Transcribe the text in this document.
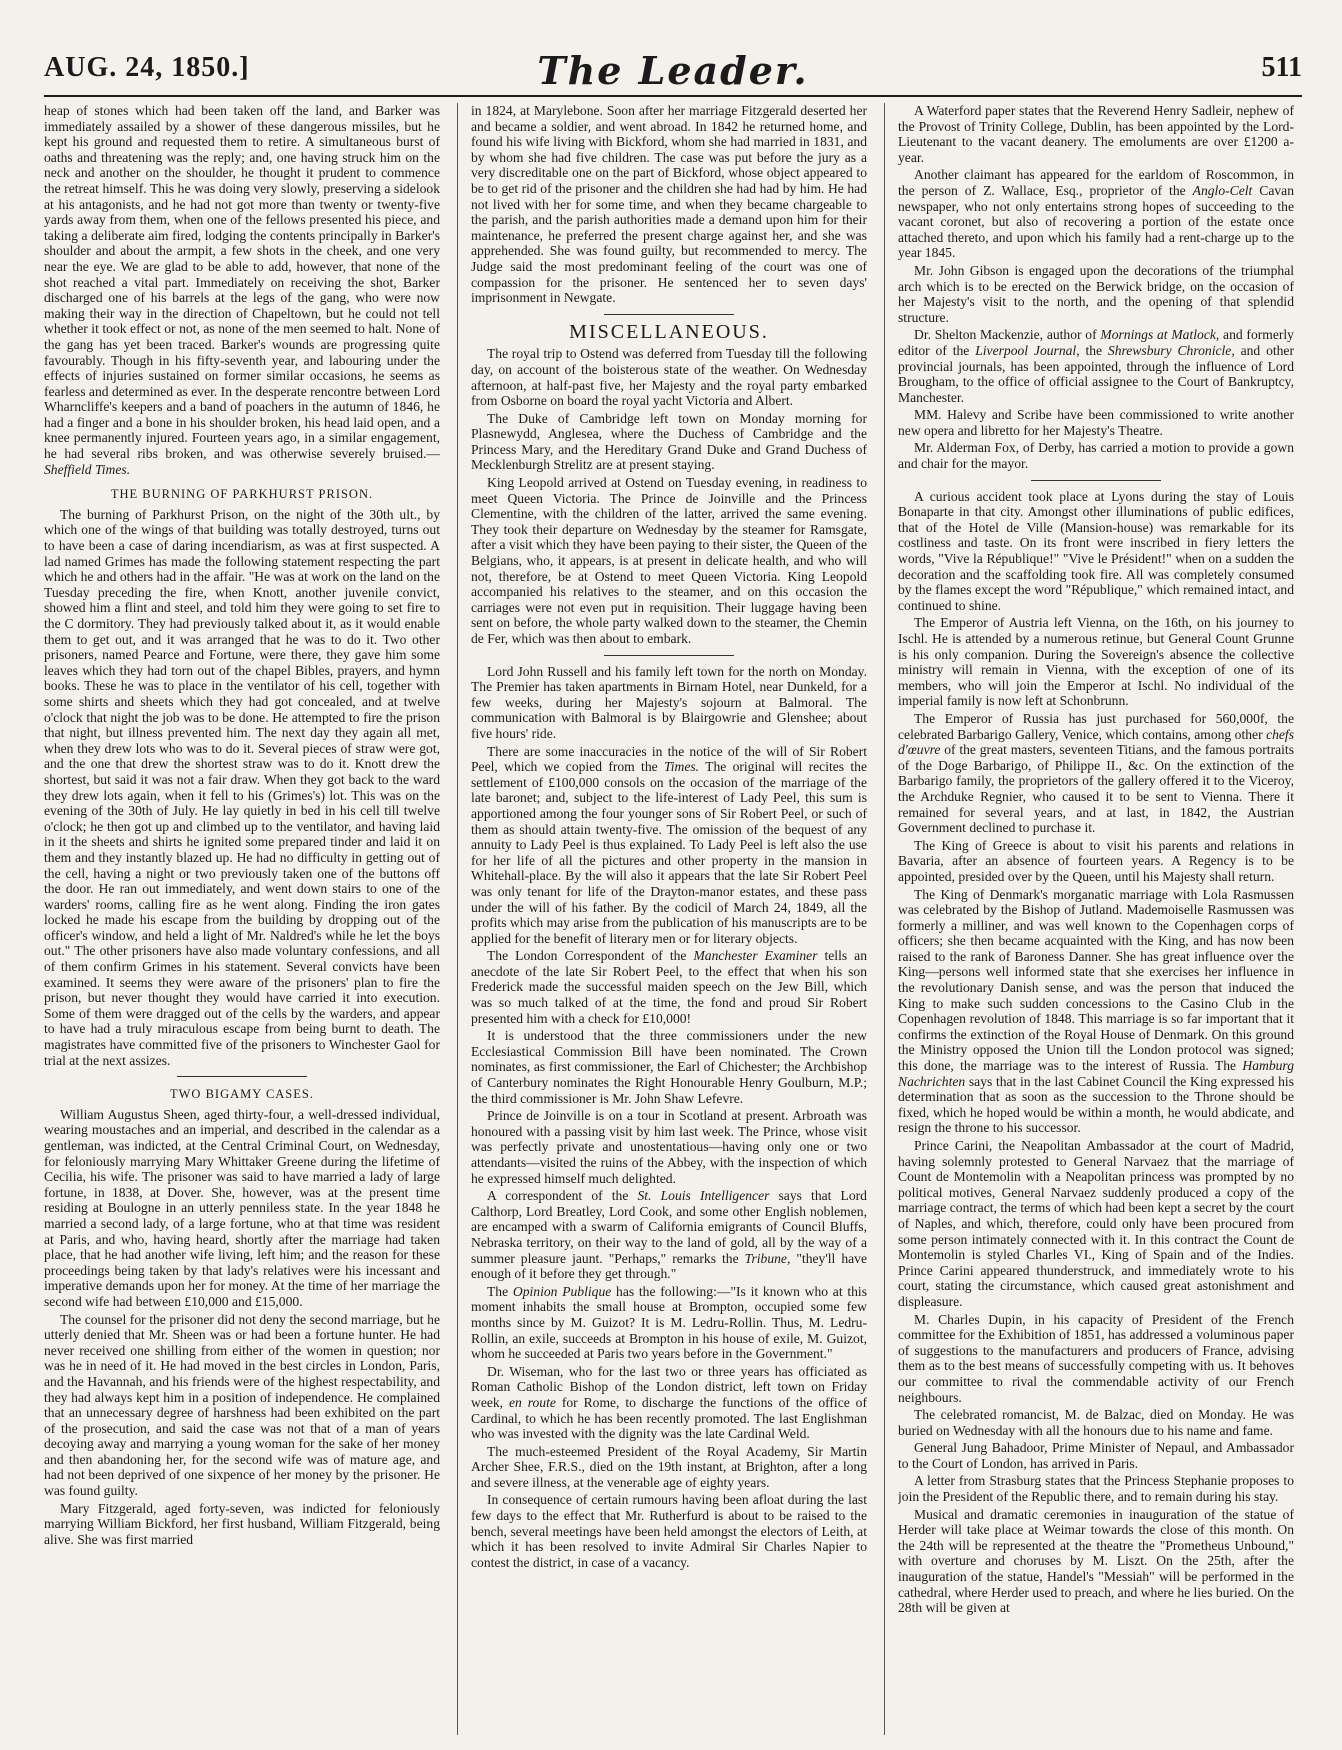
AUG. 24, 1850.]	The Leader.	511

heap of stones which had been taken off the land, and Barker was immediately assailed by a shower of these dangerous missiles, but he kept his ground and requested them to retire. A simultaneous burst of oaths and threatening was the reply; and, one having struck him on the neck and another on the shoulder, he thought it prudent to commence the retreat himself. This he was doing very slowly, preserving a sidelook at his antagonists, and he had not got more than twenty or twenty-five yards away from them, when one of the fellows presented his piece, and taking a deliberate aim fired, lodging the contents principally in Barker's shoulder and about the armpit, a few shots in the cheek, and one very near the eye. We are glad to be able to add, however, that none of the shot reached a vital part. Immediately on receiving the shot, Barker discharged one of his barrels at the legs of the gang, who were now making their way in the direction of Chapeltown, but he could not tell whether it took effect or not, as none of the men seemed to halt. None of the gang has yet been traced. Barker's wounds are progressing quite favourably. Though in his fifty-seventh year, and labouring under the effects of injuries sustained on former similar occasions, he seems as fearless and determined as ever. In the desperate rencontre between Lord Wharncliffe's keepers and a band of poachers in the autumn of 1846, he had a finger and a bone in his shoulder broken, his head laid open, and a knee permanently injured. Fourteen years ago, in a similar engagement, he had several ribs broken, and was otherwise severely bruised.—Sheffield Times.

THE BURNING OF PARKHURST PRISON.

The burning of Parkhurst Prison, on the night of the 30th ult., by which one of the wings of that building was totally destroyed, turns out to have been a case of daring incendiarism, as was at first suspected. A lad named Grimes has made the following statement respecting the part which he and others had in the affair. "He was at work on the land on the Tuesday preceding the fire, when Knott, another juvenile convict, showed him a flint and steel, and told him they were going to set fire to the C dormitory. They had previously talked about it, as it would enable them to get out, and it was arranged that he was to do it. Two other prisoners, named Pearce and Fortune, were there, they gave him some leaves which they had torn out of the chapel Bibles, prayers, and hymn books. These he was to place in the ventilator of his cell, together with some shirts and sheets which they had got concealed, and at twelve o'clock that night the job was to be done. He attempted to fire the prison that night, but illness prevented him. The next day they again all met, when they drew lots who was to do it. Several pieces of straw were got, and the one that drew the shortest straw was to do it. Knott drew the shortest, but said it was not a fair draw. When they got back to the ward they drew lots again, when it fell to his (Grimes's) lot. This was on the evening of the 30th of July. He lay quietly in bed in his cell till twelve o'clock; he then got up and climbed up to the ventilator, and having laid in it the sheets and shirts he ignited some prepared tinder and laid it on them and they instantly blazed up. He had no difficulty in getting out of the cell, having a night or two previously taken one of the buttons off the door. He ran out immediately, and went down stairs to one of the warders' rooms, calling fire as he went along. Finding the iron gates locked he made his escape from the building by dropping out of the officer's window, and held a light of Mr. Naldred's while he let the boys out." The other prisoners have also made voluntary confessions, and all of them confirm Grimes in his statement. Several convicts have been examined. It seems they were aware of the prisoners' plan to fire the prison, but never thought they would have carried it into execution. Some of them were dragged out of the cells by the warders, and appear to have had a truly miraculous escape from being burnt to death. The magistrates have committed five of the prisoners to Winchester Gaol for trial at the next assizes.

TWO BIGAMY CASES.

William Augustus Sheen, aged thirty-four, a well-dressed individual, wearing moustaches and an imperial, and described in the calendar as a gentleman, was indicted, at the Central Criminal Court, on Wednesday, for feloniously marrying Mary Whittaker Greene during the lifetime of Cecilia, his wife. The prisoner was said to have married a lady of large fortune, in 1838, at Dover. She, however, was at the present time residing at Boulogne in an utterly penniless state. In the year 1848 he married a second lady, of a large fortune, who at that time was resident at Paris, and who, having heard, shortly after the marriage had taken place, that he had another wife living, left him; and the reason for these proceedings being taken by that lady's relatives were his incessant and imperative demands upon her for money. At the time of her marriage the second wife had between £10,000 and £15,000.

The counsel for the prisoner did not deny the second marriage, but he utterly denied that Mr. Sheen was or had been a fortune hunter. He had never received one shilling from either of the women in question; nor was he in need of it. He had moved in the best circles in London, Paris, and the Havannah, and his friends were of the highest respectability, and they had always kept him in a position of independence. He complained that an unnecessary degree of harshness had been exhibited on the part of the prosecution, and said the case was not that of a man of years decoying away and marrying a young woman for the sake of her money and then abandoning her, for the second wife was of mature age, and had not been deprived of one sixpence of her money by the prisoner. He was found guilty.

Mary Fitzgerald, aged forty-seven, was indicted for feloniously marrying William Bickford, her first husband, William Fitzgerald, being alive. She was first married

in 1824, at Marylebone. Soon after her marriage Fitzgerald deserted her and became a soldier, and went abroad. In 1842 he returned home, and found his wife living with Bickford, whom she had married in 1831, and by whom she had five children. The case was put before the jury as a very discreditable one on the part of Bickford, whose object appeared to be to get rid of the prisoner and the children she had had by him. He had not lived with her for some time, and when they became chargeable to the parish, and the parish authorities made a demand upon him for their maintenance, he preferred the present charge against her, and she was apprehended. She was found guilty, but recommended to mercy. The Judge said the most predominant feeling of the court was one of compassion for the prisoner. He sentenced her to seven days' imprisonment in Newgate.

MISCELLANEOUS.

The royal trip to Ostend was deferred from Tuesday till the following day, on account of the boisterous state of the weather. On Wednesday afternoon, at half-past five, her Majesty and the royal party embarked from Osborne on board the royal yacht Victoria and Albert.

The Duke of Cambridge left town on Monday morning for Plasnewydd, Anglesea, where the Duchess of Cambridge and the Princess Mary, and the Hereditary Grand Duke and Grand Duchess of Mecklenburgh Strelitz are at present staying.

King Leopold arrived at Ostend on Tuesday evening, in readiness to meet Queen Victoria. The Prince de Joinville and the Princess Clementine, with the children of the latter, arrived the same evening. They took their departure on Wednesday by the steamer for Ramsgate, after a visit which they have been paying to their sister, the Queen of the Belgians, who, it appears, is at present in delicate health, and who will not, therefore, be at Ostend to meet Queen Victoria. King Leopold accompanied his relatives to the steamer, and on this occasion the carriages were not even put in requisition. Their luggage having been sent on before, the whole party walked down to the steamer, the Chemin de Fer, which was then about to embark.

Lord John Russell and his family left town for the north on Monday. The Premier has taken apartments in Birnam Hotel, near Dunkeld, for a few weeks, during her Majesty's sojourn at Balmoral. The communication with Balmoral is by Blairgowrie and Glenshee; about five hours' ride.

There are some inaccuracies in the notice of the will of Sir Robert Peel, which we copied from the Times. The original will recites the settlement of £100,000 consols on the occasion of the marriage of the late baronet; and, subject to the life-interest of Lady Peel, this sum is apportioned among the four younger sons of Sir Robert Peel, or such of them as should attain twenty-five. The omission of the bequest of any annuity to Lady Peel is thus explained. To Lady Peel is left also the use for her life of all the pictures and other property in the mansion in Whitehall-place. By the will also it appears that the late Sir Robert Peel was only tenant for life of the Drayton-manor estates, and these pass under the will of his father. By the codicil of March 24, 1849, all the profits which may arise from the publication of his manuscripts are to be applied for the benefit of literary men or for literary objects.

The London Correspondent of the Manchester Examiner tells an anecdote of the late Sir Robert Peel, to the effect that when his son Frederick made the successful maiden speech on the Jew Bill, which was so much talked of at the time, the fond and proud Sir Robert presented him with a check for £10,000!

It is understood that the three commissioners under the new Ecclesiastical Commission Bill have been nominated. The Crown nominates, as first commissioner, the Earl of Chichester; the Archbishop of Canterbury nominates the Right Honourable Henry Goulburn, M.P.; the third commissioner is Mr. John Shaw Lefevre.

Prince de Joinville is on a tour in Scotland at present. Arbroath was honoured with a passing visit by him last week. The Prince, whose visit was perfectly private and unostentatious—having only one or two attendants—visited the ruins of the Abbey, with the inspection of which he expressed himself much delighted.

A correspondent of the St. Louis Intelligencer says that Lord Calthorp, Lord Breatley, Lord Cook, and some other English noblemen, are encamped with a swarm of California emigrants of Council Bluffs, Nebraska territory, on their way to the land of gold, all by the way of a summer pleasure jaunt. "Perhaps," remarks the Tribune, "they'll have enough of it before they get through."

The Opinion Publique has the following:—"Is it known who at this moment inhabits the small house at Brompton, occupied some few months since by M. Guizot? It is M. Ledru-Rollin. Thus, M. Ledru-Rollin, an exile, succeeds at Brompton in his house of exile, M. Guizot, whom he succeeded at Paris two years before in the Government."

Dr. Wiseman, who for the last two or three years has officiated as Roman Catholic Bishop of the London district, left town on Friday week, en route for Rome, to discharge the functions of the office of Cardinal, to which he has been recently promoted. The last Englishman who was invested with the dignity was the late Cardinal Weld.

The much-esteemed President of the Royal Academy, Sir Martin Archer Shee, F.R.S., died on the 19th instant, at Brighton, after a long and severe illness, at the venerable age of eighty years.

In consequence of certain rumours having been afloat during the last few days to the effect that Mr. Rutherfurd is about to be raised to the bench, several meetings have been held amongst the electors of Leith, at which it has been resolved to invite Admiral Sir Charles Napier to contest the district, in case of a vacancy.

A Waterford paper states that the Reverend Henry Sadleir, nephew of the Provost of Trinity College, Dublin, has been appointed by the Lord-Lieutenant to the vacant deanery. The emoluments are over £1200 a-year.

Another claimant has appeared for the earldom of Roscommon, in the person of Z. Wallace, Esq., proprietor of the Anglo-Celt Cavan newspaper, who not only entertains strong hopes of succeeding to the vacant coronet, but also of recovering a portion of the estate once attached thereto, and upon which his family had a rent-charge up to the year 1845.

Mr. John Gibson is engaged upon the decorations of the triumphal arch which is to be erected on the Berwick bridge, on the occasion of her Majesty's visit to the north, and the opening of that splendid structure.

Dr. Shelton Mackenzie, author of Mornings at Matlock, and formerly editor of the Liverpool Journal, the Shrewsbury Chronicle, and other provincial journals, has been appointed, through the influence of Lord Brougham, to the office of official assignee to the Court of Bankruptcy, Manchester.

MM. Halevy and Scribe have been commissioned to write another new opera and libretto for her Majesty's Theatre.

Mr. Alderman Fox, of Derby, has carried a motion to provide a gown and chair for the mayor.

A curious accident took place at Lyons during the stay of Louis Bonaparte in that city. Amongst other illuminations of public edifices, that of the Hotel de Ville (Mansion-house) was remarkable for its costliness and taste. On its front were inscribed in fiery letters the words, "Vive la République!" "Vive le Président!" when on a sudden the decoration and the scaffolding took fire. All was completely consumed by the flames except the word "République," which remained intact, and continued to shine.

The Emperor of Austria left Vienna, on the 16th, on his journey to Ischl. He is attended by a numerous retinue, but General Count Grunne is his only companion. During the Sovereign's absence the collective ministry will remain in Vienna, with the exception of one of its members, who will join the Emperor at Ischl. No individual of the imperial family is now left at Schonbrunn.

The Emperor of Russia has just purchased for 560,000f, the celebrated Barbarigo Gallery, Venice, which contains, among other chefs d'œuvre of the great masters, seventeen Titians, and the famous portraits of the Doge Barbarigo, of Philippe II., &c. On the extinction of the Barbarigo family, the proprietors of the gallery offered it to the Viceroy, the Archduke Regnier, who caused it to be sent to Vienna. There it remained for several years, and at last, in 1842, the Austrian Government declined to purchase it.

The King of Greece is about to visit his parents and relations in Bavaria, after an absence of fourteen years. A Regency is to be appointed, presided over by the Queen, until his Majesty shall return.

The King of Denmark's morganatic marriage with Lola Rasmussen was celebrated by the Bishop of Jutland. Mademoiselle Rasmussen was formerly a milliner, and was well known to the Copenhagen corps of officers; she then became acquainted with the King, and has now been raised to the rank of Baroness Danner. She has great influence over the King—persons well informed state that she exercises her influence in the revolutionary Danish sense, and was the person that induced the King to make such sudden concessions to the Casino Club in the Copenhagen revolution of 1848. This marriage is so far important that it confirms the extinction of the Royal House of Denmark. On this ground the Ministry opposed the Union till the London protocol was signed; this done, the marriage was to the interest of Russia. The Hamburg Nachrichten says that in the last Cabinet Council the King expressed his determination that as soon as the succession to the Throne should be fixed, which he hoped would be within a month, he would abdicate, and resign the throne to his successor.

Prince Carini, the Neapolitan Ambassador at the court of Madrid, having solemnly protested to General Narvaez that the marriage of Count de Montemolin with a Neapolitan princess was prompted by no political motives, General Narvaez suddenly produced a copy of the marriage contract, the terms of which had been kept a secret by the court of Naples, and which, therefore, could only have been procured from some person intimately connected with it. In this contract the Count de Montemolin is styled Charles VI., King of Spain and of the Indies. Prince Carini appeared thunderstruck, and immediately wrote to his court, stating the circumstance, which caused great astonishment and displeasure.

M. Charles Dupin, in his capacity of President of the French committee for the Exhibition of 1851, has addressed a voluminous paper of suggestions to the manufacturers and producers of France, advising them as to the best means of successfully competing with us. It behoves our committee to rival the commendable activity of our French neighbours.

The celebrated romancist, M. de Balzac, died on Monday. He was buried on Wednesday with all the honours due to his name and fame.

General Jung Bahadoor, Prime Minister of Nepaul, and Ambassador to the Court of London, has arrived in Paris.

A letter from Strasburg states that the Princess Stephanie proposes to join the President of the Republic there, and to remain during his stay.

Musical and dramatic ceremonies in inauguration of the statue of Herder will take place at Weimar towards the close of this month. On the 24th will be represented at the theatre the "Prometheus Unbound," with overture and choruses by M. Liszt. On the 25th, after the inauguration of the statue, Handel's "Messiah" will be performed in the cathedral, where Herder used to preach, and where he lies buried. On the 28th will be given at
